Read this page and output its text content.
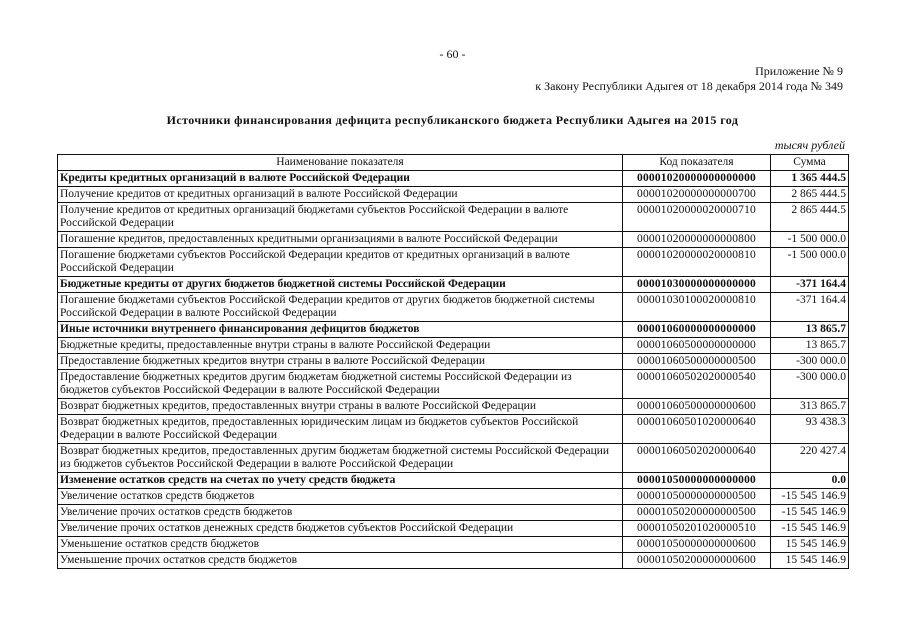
- 60 -
Приложение № 9
к Закону Республики Адыгея от 18 декабря 2014 года № 349
Источники финансирования дефицита республиканского бюджета Республики Адыгея на 2015 год
тысяч рублей
Наименование показателя	Код показателя	Сумма
Кредиты кредитных организаций в валюте Российской Федерации	00001020000000000000	1 365 444.5
Получение кредитов от кредитных организаций в валюте Российской Федерации	00001020000000000700	2 865 444.5
Получение кредитов от кредитных организаций бюджетами субъектов Российской Федерации в валюте Российской Федерации	00001020000020000710	2 865 444.5
Погашение кредитов, предоставленных кредитными организациями в валюте Российской Федерации	00001020000000000800	-1 500 000.0
Погашение бюджетами субъектов Российской Федерации кредитов от кредитных организаций в валюте Российской Федерации	00001020000020000810	-1 500 000.0
Бюджетные кредиты от других бюджетов бюджетной системы Российской Федерации	00001030000000000000	-371 164.4
Погашение бюджетами субъектов Российской Федерации кредитов от других бюджетов бюджетной системы Российской Федерации в валюте Российской Федерации	00001030100020000810	-371 164.4
Иные источники внутреннего финансирования дефицитов бюджетов	00001060000000000000	13 865.7
Бюджетные кредиты, предоставленные внутри страны в валюте Российской Федерации	00001060500000000000	13 865.7
Предоставление бюджетных кредитов внутри страны в валюте Российской Федерации	00001060500000000500	-300 000.0
Предоставление бюджетных кредитов другим бюджетам бюджетной системы Российской Федерации из бюджетов субъектов Российской Федерации в валюте Российской Федерации	00001060502020000540	-300 000.0
Возврат бюджетных кредитов, предоставленных внутри страны в валюте Российской Федерации	00001060500000000600	313 865.7
Возврат бюджетных кредитов, предоставленных юридическим лицам из бюджетов субъектов Российской Федерации в валюте Российской Федерации	00001060501020000640	93 438.3
Возврат бюджетных кредитов, предоставленных другим бюджетам бюджетной системы Российской Федерации из бюджетов субъектов Российской Федерации в валюте Российской Федерации	00001060502020000640	220 427.4
Изменение остатков средств на счетах по учету средств бюджета	00001050000000000000	0.0
Увеличение остатков средств бюджетов	00001050000000000500	-15 545 146.9
Увеличение прочих остатков средств бюджетов	00001050200000000500	-15 545 146.9
Увеличение прочих остатков денежных средств бюджетов субъектов Российской Федерации	00001050201020000510	-15 545 146.9
Уменьшение остатков средств бюджетов	00001050000000000600	15 545 146.9
Уменьшение прочих остатков средств бюджетов	00001050200000000600	15 545 146.9
